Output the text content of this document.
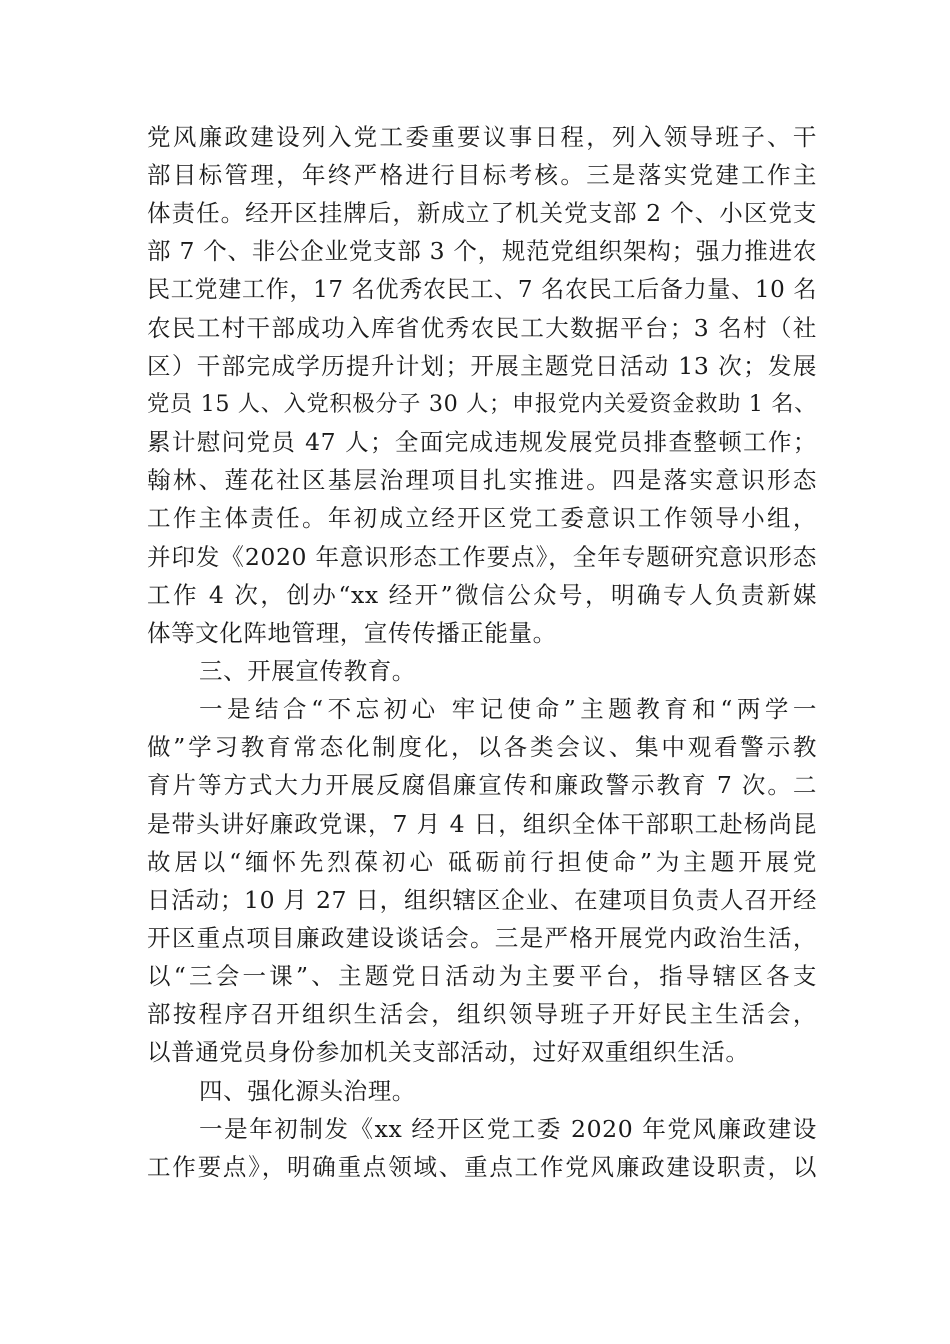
党风廉政建设列入党工委重要议事日程，列入领导班子、干
部目标管理，年终严格进行目标考核。三是落实党建工作主
体责任。经开区挂牌后，新成立了机关党支部 2 个、小区党支
部 7 个、非公企业党支部 3 个，规范党组织架构；强力推进农
民工党建工作，17 名优秀农民工、7 名农民工后备力量、10 名
农民工村干部成功入库省优秀农民工大数据平台；3 名村（社
区）干部完成学历提升计划；开展主题党日活动 13 次；发展
党员 15 人、入党积极分子 30 人；申报党内关爱资金救助 1 名、
累计慰问党员 47 人；全面完成违规发展党员排查整顿工作；
翰林、莲花社区基层治理项目扎实推进。四是落实意识形态
工作主体责任。年初成立经开区党工委意识工作领导小组，
并印发《2020 年意识形态工作要点》，全年专题研究意识形态
工作 4 次，创办“xx 经开”微信公众号，明确专人负责新媒
体等文化阵地管理，宣传传播正能量。
三、开展宣传教育。
一是结合“不忘初心 牢记使命”主题教育和“两学一
做”学习教育常态化制度化，以各类会议、集中观看警示教
育片等方式大力开展反腐倡廉宣传和廉政警示教育 7 次。二
是带头讲好廉政党课，7 月 4 日，组织全体干部职工赴杨尚昆
故居以“缅怀先烈葆初心 砥砺前行担使命”为主题开展党
日活动；10 月 27 日，组织辖区企业、在建项目负责人召开经
开区重点项目廉政建设谈话会。三是严格开展党内政治生活，
以“三会一课”、主题党日活动为主要平台，指导辖区各支
部按程序召开组织生活会，组织领导班子开好民主生活会，
以普通党员身份参加机关支部活动，过好双重组织生活。
四、强化源头治理。
一是年初制发《xx 经开区党工委 2020 年党风廉政建设
工作要点》，明确重点领域、重点工作党风廉政建设职责，以
